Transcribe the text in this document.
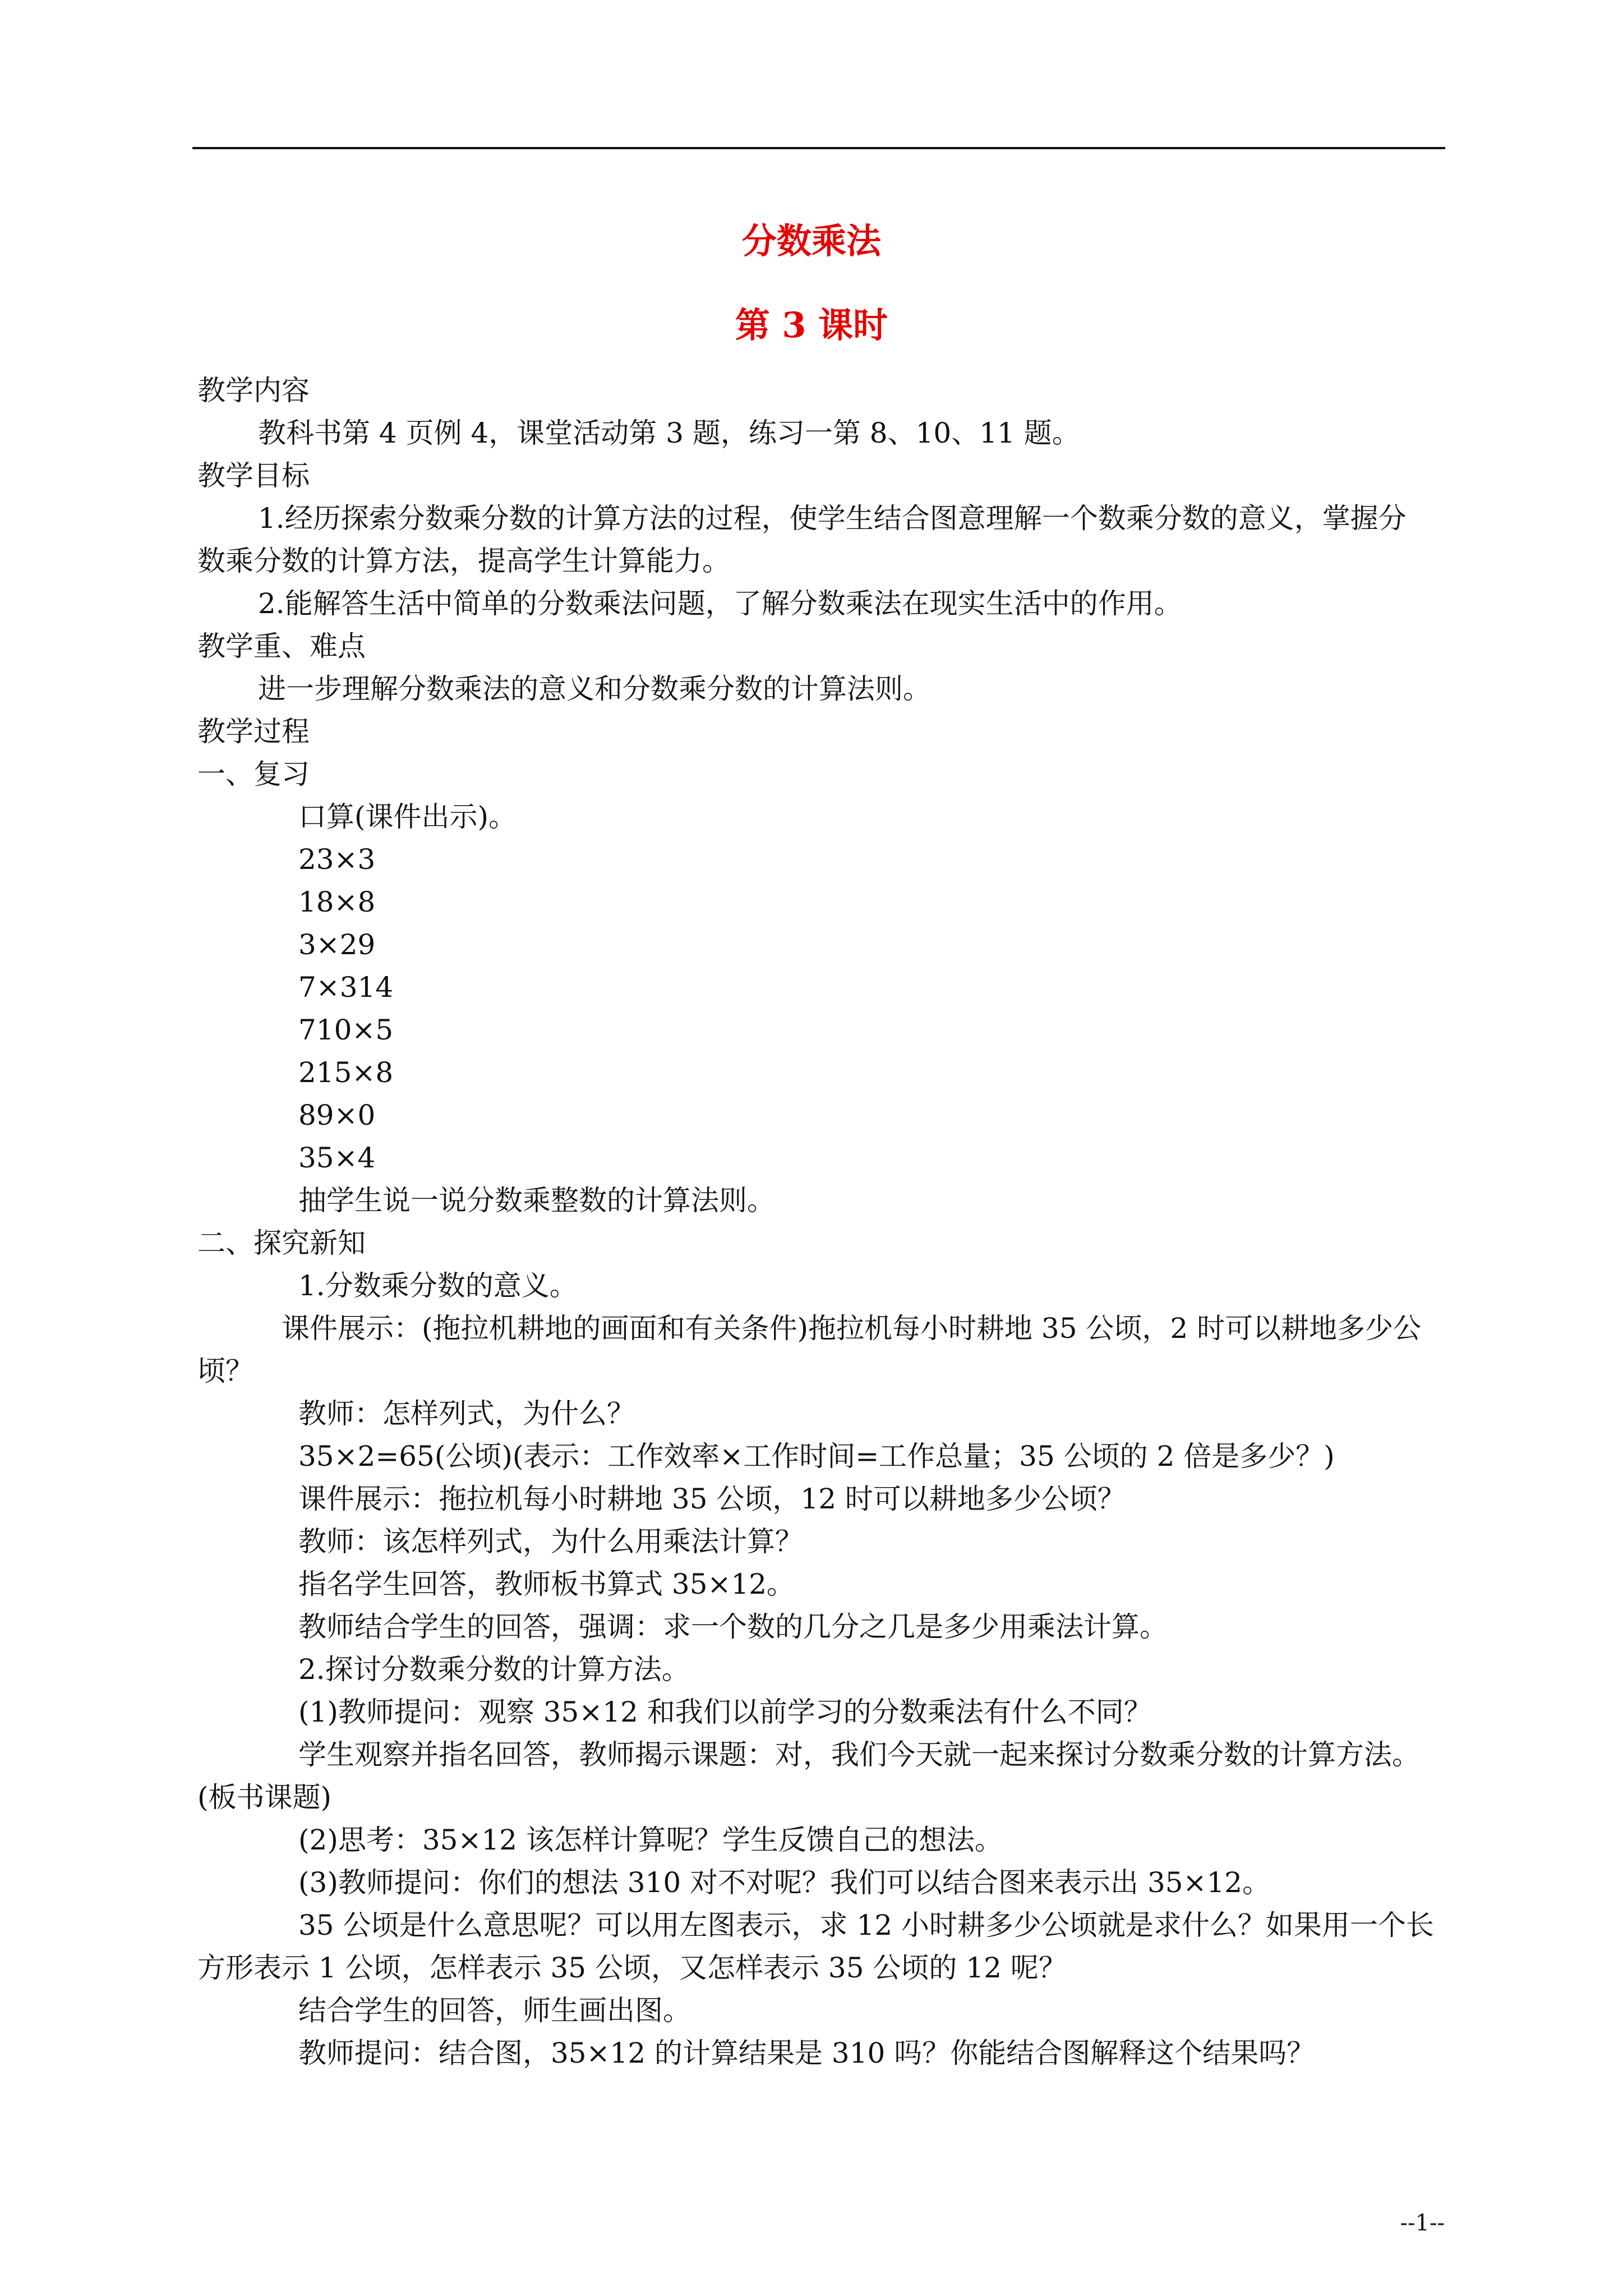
分数乘法
第 3 课时
教学内容
教科书第 4 页例 4，课堂活动第 3 题，练习一第 8、10、11 题。
教学目标
1.经历探索分数乘分数的计算方法的过程，使学生结合图意理解一个数乘分数的意义，掌握分
数乘分数的计算方法，提高学生计算能力。
2.能解答生活中简单的分数乘法问题，了解分数乘法在现实生活中的作用。
教学重、难点
进一步理解分数乘法的意义和分数乘分数的计算法则。
教学过程
一、复习
口算(课件出示)。
23×3
18×8
3×29
7×314
710×5
215×8
89×0
35×4
抽学生说一说分数乘整数的计算法则。
二、探究新知
1.分数乘分数的意义。
课件展示：(拖拉机耕地的画面和有关条件)拖拉机每小时耕地 35 公顷，2 时可以耕地多少公
顷？
教师：怎样列式，为什么？
35×2=65(公顷)(表示：工作效率×工作时间=工作总量；35 公顷的 2 倍是多少？)
课件展示：拖拉机每小时耕地 35 公顷，12 时可以耕地多少公顷？
教师：该怎样列式，为什么用乘法计算？
指名学生回答，教师板书算式 35×12。
教师结合学生的回答，强调：求一个数的几分之几是多少用乘法计算。
2.探讨分数乘分数的计算方法。
(1)教师提问：观察 35×12 和我们以前学习的分数乘法有什么不同？
学生观察并指名回答，教师揭示课题：对，我们今天就一起来探讨分数乘分数的计算方法。
(板书课题)
(2)思考：35×12 该怎样计算呢？学生反馈自己的想法。
(3)教师提问：你们的想法 310 对不对呢？我们可以结合图来表示出 35×12。
35 公顷是什么意思呢？可以用左图表示，求 12 小时耕多少公顷就是求什么？如果用一个长
方形表示 1 公顷，怎样表示 35 公顷，又怎样表示 35 公顷的 12 呢？
结合学生的回答，师生画出图。
教师提问：结合图，35×12 的计算结果是 310 吗？你能结合图解释这个结果吗？
--1--
